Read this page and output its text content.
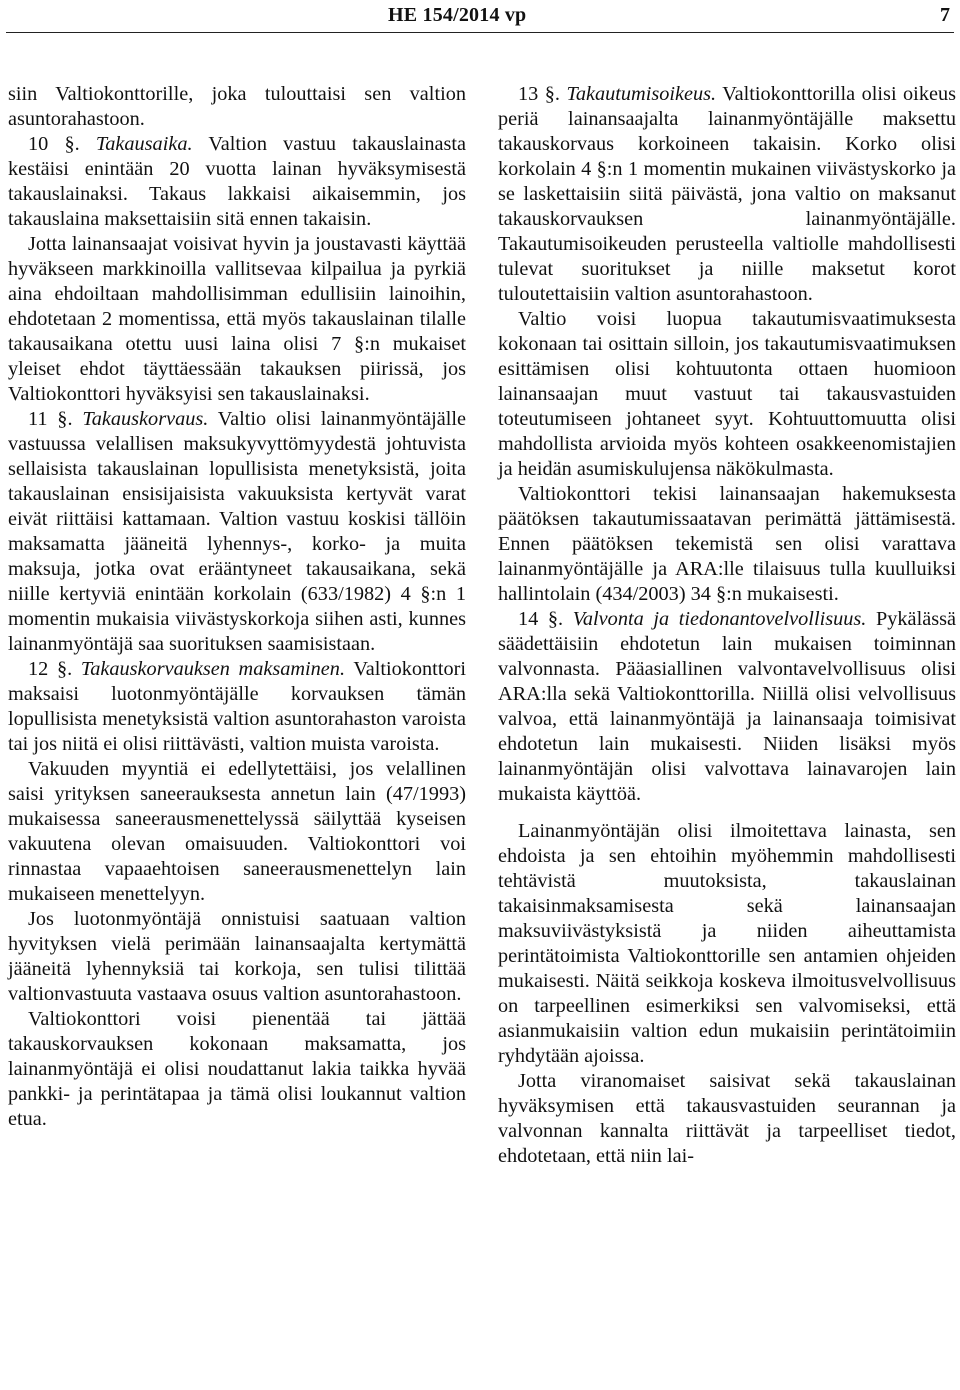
HE 154/2014 vp	7

siin Valtiokonttorille, joka tulouttaisi sen valtion asuntorahastoon.

10 §. Takausaika. Valtion vastuu takauslainasta kestäisi enintään 20 vuotta lainan hyväksymisestä takauslainaksi. Takaus lakkaisi aikaisemmin, jos takauslaina maksettaisiin sitä ennen takaisin.

Jotta lainansaajat voisivat hyvin ja joustavasti käyttää hyväkseen markkinoilla vallitsevaa kilpailua ja pyrkiä aina ehdoiltaan mahdollisimman edullisiin lainoihin, ehdotetaan 2 momentissa, että myös takauslainan tilalle takausaikana otettu uusi laina olisi 7 §:n mukaiset yleiset ehdot täyttäessään takauksen piirissä, jos Valtiokonttori hyväksyisi sen takauslainaksi.

11 §. Takauskorvaus. Valtio olisi lainanmyöntäjälle vastuussa velallisen maksukyvyttömyydestä johtuvista sellaisista takauslainan lopullisista menetyksistä, joita takauslainan ensisijaisista vakuuksista kertyvät varat eivät riittäisi kattamaan. Valtion vastuu koskisi tällöin maksamatta jääneitä lyhennys-, korko- ja muita maksuja, jotka ovat erääntyneet takausaikana, sekä niille kertyviä enintään korkolain (633/1982) 4 §:n 1 momentin mukaisia viivästyskorkoja siihen asti, kunnes lainanmyöntäjä saa suorituksen saamisistaan.

12 §. Takauskorvauksen maksaminen. Valtiokonttori maksaisi luotonmyöntäjälle korvauksen tämän lopullisista menetyksistä valtion asuntorahaston varoista tai jos niitä ei olisi riittävästi, valtion muista varoista.

Vakuuden myyntiä ei edellytettäisi, jos velallinen saisi yrityksen saneerauksesta annetun lain (47/1993) mukaisessa saneerausmenettelyssä säilyttää kyseisen vakuutena olevan omaisuuden. Valtiokonttori voi rinnastaa vapaaehtoisen saneerausmenettelyn lain mukaiseen menettelyyn.

Jos luotonmyöntäjä onnistuisi saatuaan valtion hyvityksen vielä perimään lainansaajalta kertymättä jääneitä lyhennyksiä tai korkoja, sen tulisi tilittää valtionvastuuta vastaava osuus valtion asuntorahastoon.

Valtiokonttori voisi pienentää tai jättää takauskorvauksen kokonaan maksamatta, jos lainanmyöntäjä ei olisi noudattanut lakia taikka hyvää pankki- ja perintätapaa ja tämä olisi loukannut valtion etua.

13 §. Takautumisoikeus. Valtiokonttorilla olisi oikeus periä lainansaajalta lainanmyöntäjälle maksettu takauskorvaus korkoineen takaisin. Korko olisi korkolain 4 §:n 1 momentin mukainen viivästyskorko ja se laskettaisiin siitä päivästä, jona valtio on maksanut takauskorvauksen lainanmyöntäjälle. Takautumisoikeuden perusteella valtiolle mahdollisesti tulevat suoritukset ja niille maksetut korot tuloutettaisiin valtion asuntorahastoon.

Valtio voisi luopua takautumisvaatimuksesta kokonaan tai osittain silloin, jos takautumisvaatimuksen esittämisen olisi kohtuutonta ottaen huomioon lainansaajan muut vastuut tai takausvastuiden toteutumiseen johtaneet syyt. Kohtuuttomuutta olisi mahdollista arvioida myös kohteen osakkeenomistajien ja heidän asumiskulujensa näkökulmasta.

Valtiokonttori tekisi lainansaajan hakemuksesta päätöksen takautumissaatavan perimättä jättämisestä. Ennen päätöksen tekemistä sen olisi varattava lainanmyöntäjälle ja ARA:lle tilaisuus tulla kuulluiksi hallintolain (434/2003) 34 §:n mukaisesti.

14 §. Valvonta ja tiedonantovelvollisuus. Pykälässä säädettäisiin ehdotetun lain mukaisen toiminnan valvonnasta. Pääasiallinen valvontavelvollisuus olisi ARA:lla sekä Valtiokonttorilla. Niillä olisi velvollisuus valvoa, että lainanmyöntäjä ja lainansaaja toimisivat ehdotetun lain mukaisesti. Niiden lisäksi myös lainanmyöntäjän olisi valvottava lainavarojen lain mukaista käyttöä.

Lainanmyöntäjän olisi ilmoitettava lainasta, sen ehdoista ja sen ehtoihin myöhemmin mahdollisesti tehtävistä muutoksista, takauslainan takaisinmaksamisesta sekä lainansaajan maksuviivästyksistä ja niiden aiheuttamista perintätoimista Valtiokonttorille sen antamien ohjeiden mukaisesti. Näitä seikkoja koskeva ilmoitusvelvollisuus on tarpeellinen esimerkiksi sen valvomiseksi, että asianmukaisiin valtion edun mukaisiin perintätoimiin ryhdytään ajoissa.

Jotta viranomaiset saisivat sekä takauslainan hyväksymisen että takausvastuiden seurannan ja valvonnan kannalta riittävät ja tarpeelliset tiedot, ehdotetaan, että niin lai-
